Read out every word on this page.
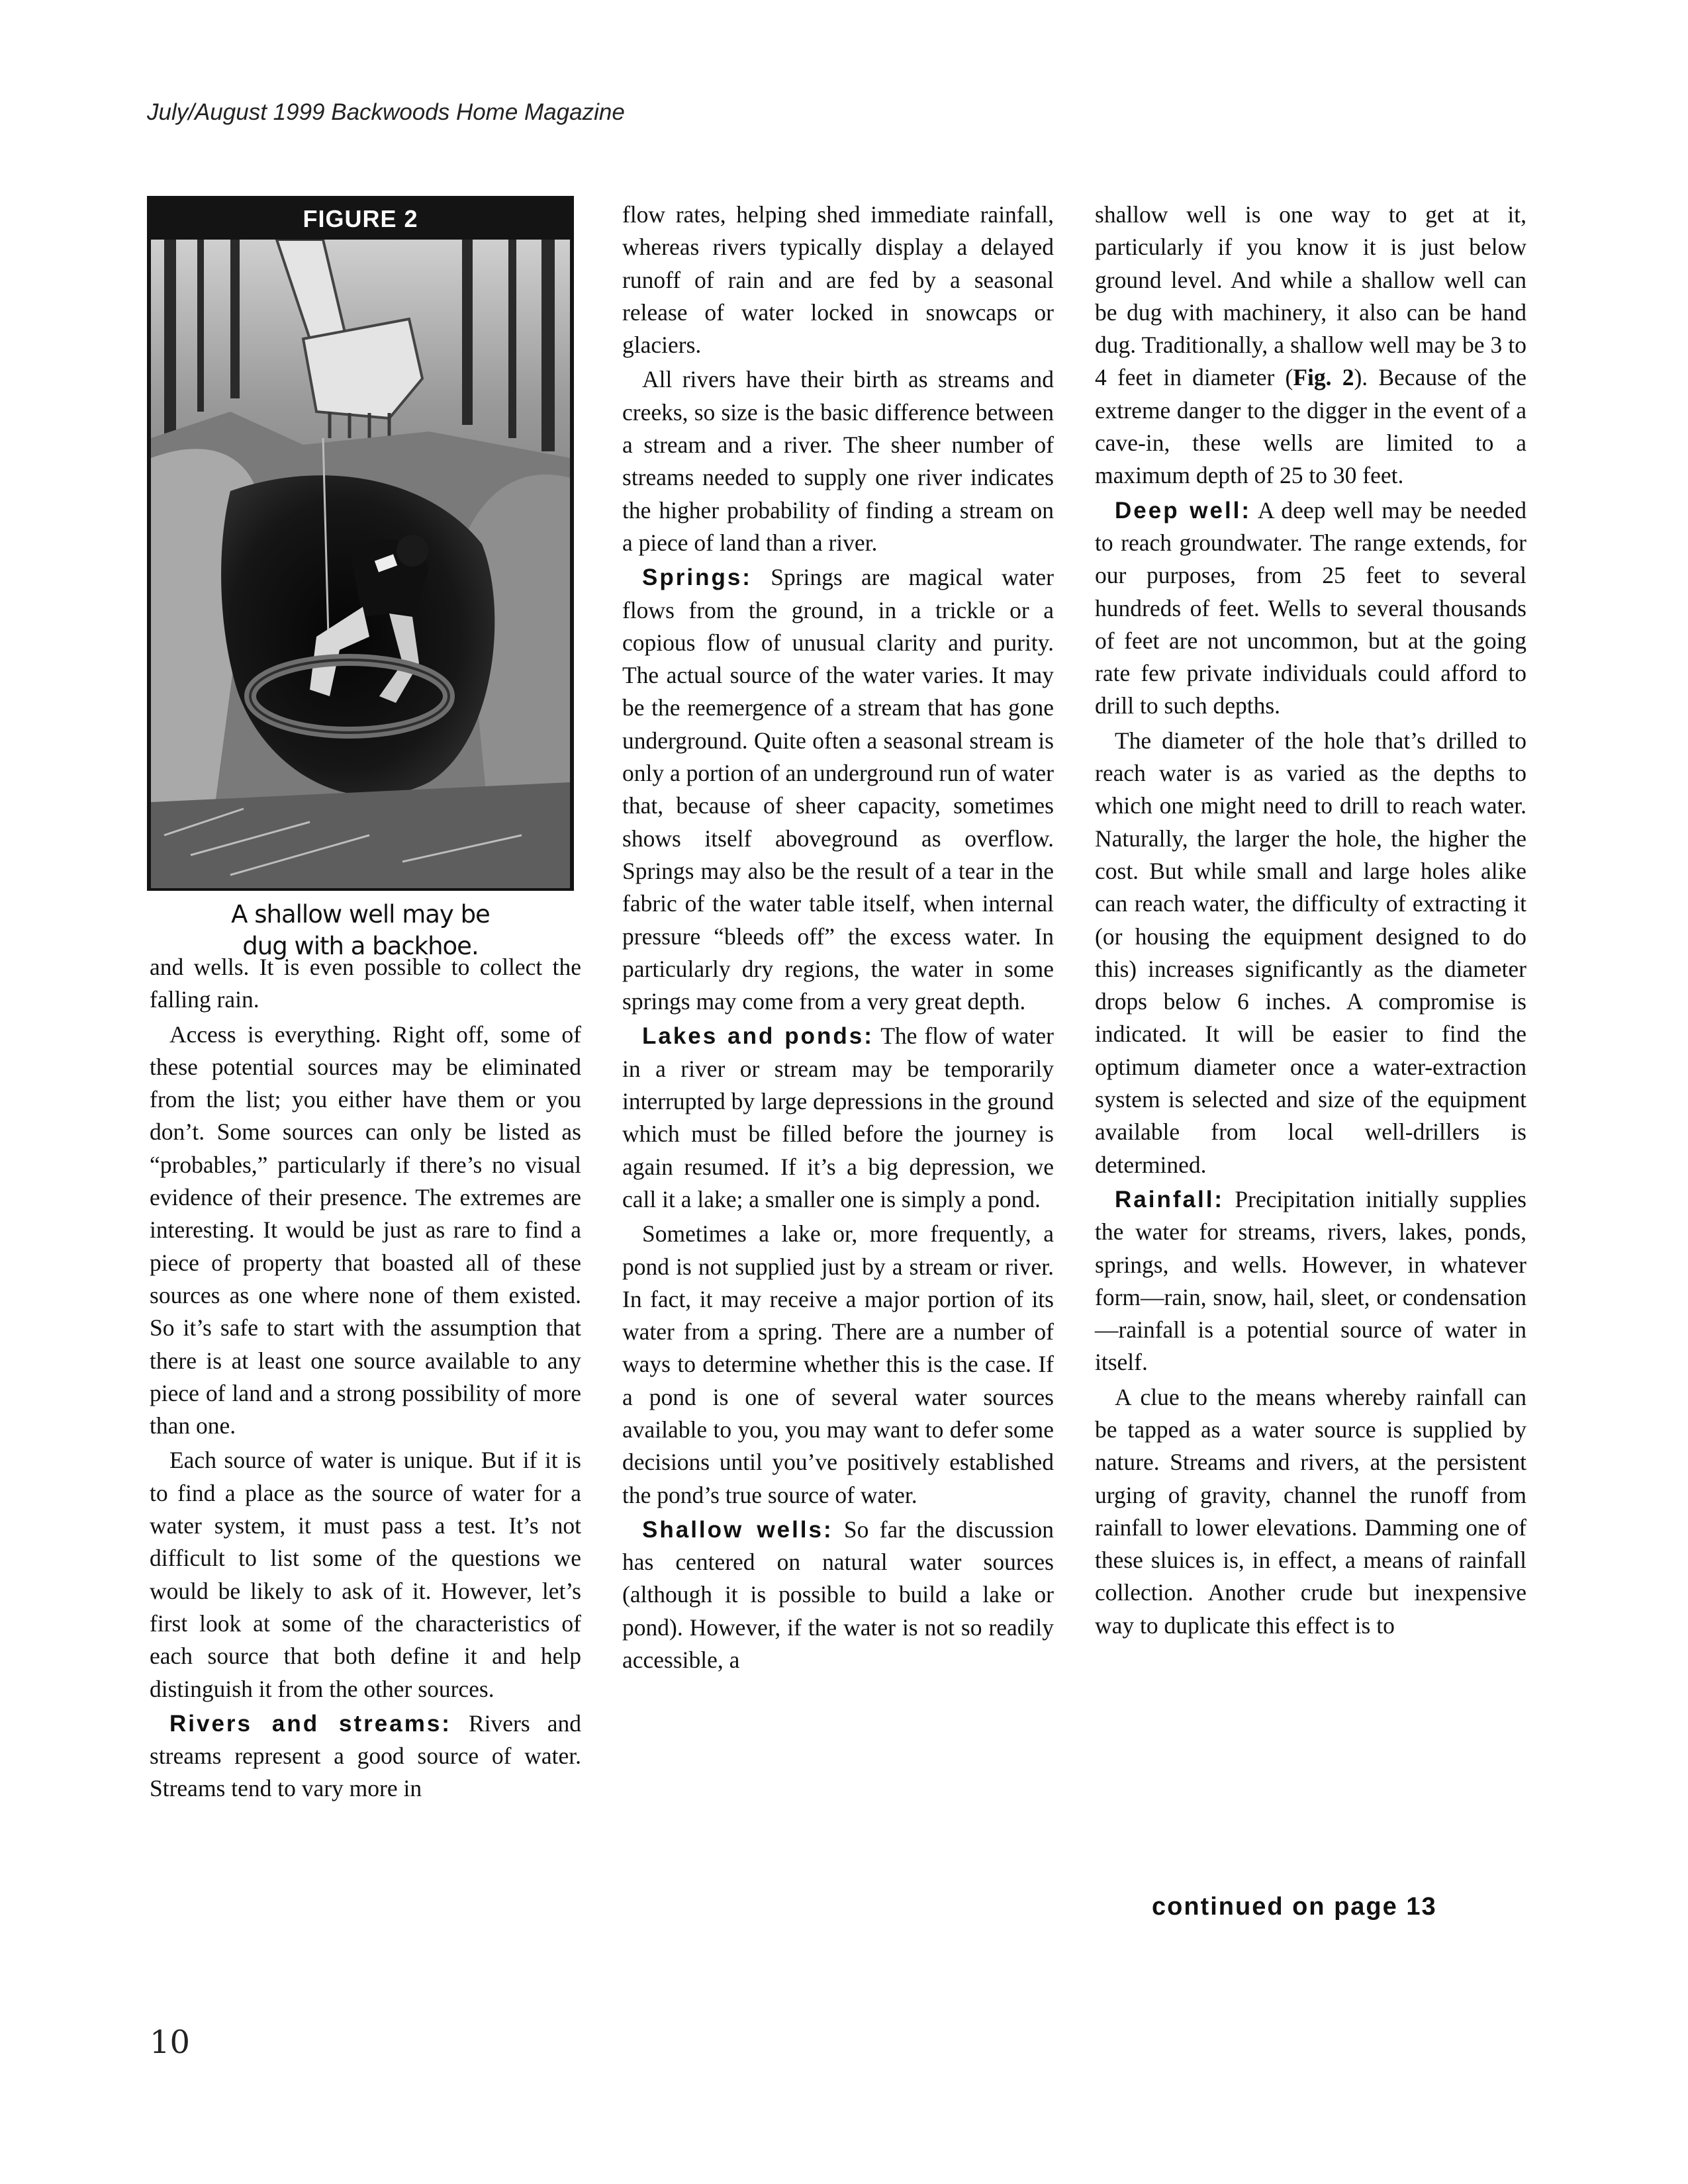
July/August 1999 Backwoods Home Magazine
FIGURE 2
A shallow well may be
dug with a backhoe.

and wells. It is even possible to collect the falling rain.

Access is everything. Right off, some of these potential sources may be eliminated from the list; you either have them or you don’t. Some sources can only be listed as “probables,” particularly if there’s no visual evidence of their presence. The extremes are interesting. It would be just as rare to find a piece of property that boasted all of these sources as one where none of them existed. So it’s safe to start with the assumption that there is at least one source available to any piece of land and a strong possibility of more than one.

Each source of water is unique. But if it is to find a place as the source of water for a water system, it must pass a test. It’s not difficult to list some of the questions we would be likely to ask of it. However, let’s first look at some of the characteristics of each source that both define it and help distinguish it from the other sources.

Rivers and streams: Rivers and streams represent a good source of water. Streams tend to vary more in

flow rates, helping shed immediate rainfall, whereas rivers typically display a delayed runoff of rain and are fed by a seasonal release of water locked in snowcaps or glaciers.

All rivers have their birth as streams and creeks, so size is the basic difference between a stream and a river. The sheer number of streams needed to supply one river indicates the higher probability of finding a stream on a piece of land than a river.

Springs: Springs are magical water flows from the ground, in a trickle or a copious flow of unusual clarity and purity. The actual source of the water varies. It may be the reemergence of a stream that has gone underground. Quite often a seasonal stream is only a portion of an underground run of water that, because of sheer capacity, sometimes shows itself aboveground as overflow. Springs may also be the result of a tear in the fabric of the water table itself, when internal pressure “bleeds off” the excess water. In particularly dry regions, the water in some springs may come from a very great depth.

Lakes and ponds: The flow of water in a river or stream may be temporarily interrupted by large depressions in the ground which must be filled before the journey is again resumed. If it’s a big depression, we call it a lake; a smaller one is simply a pond.

Sometimes a lake or, more frequently, a pond is not supplied just by a stream or river. In fact, it may receive a major portion of its water from a spring. There are a number of ways to determine whether this is the case. If a pond is one of several water sources available to you, you may want to defer some decisions until you’ve positively established the pond’s true source of water.

Shallow wells: So far the discussion has centered on natural water sources (although it is possible to build a lake or pond). However, if the water is not so readily accessible, a

shallow well is one way to get at it, particularly if you know it is just below ground level. And while a shallow well can be dug with machinery, it also can be hand dug. Traditionally, a shallow well may be 3 to 4 feet in diameter (Fig. 2). Because of the extreme danger to the digger in the event of a cave-in, these wells are limited to a maximum depth of 25 to 30 feet.

Deep well: A deep well may be needed to reach groundwater. The range extends, for our purposes, from 25 feet to several hundreds of feet. Wells to several thousands of feet are not uncommon, but at the going rate few private individuals could afford to drill to such depths.

The diameter of the hole that’s drilled to reach water is as varied as the depths to which one might need to drill to reach water. Naturally, the larger the hole, the higher the cost. But while small and large holes alike can reach water, the difficulty of extracting it (or housing the equipment designed to do this) increases significantly as the diameter drops below 6 inches. A compromise is indicated. It will be easier to find the optimum diameter once a water-extraction system is selected and size of the equipment available from local well-drillers is determined.

Rainfall: Precipitation initially supplies the water for streams, rivers, lakes, ponds, springs, and wells. However, in whatever form—rain, snow, hail, sleet, or condensation—rainfall is a potential source of water in itself.

A clue to the means whereby rainfall can be tapped as a water source is supplied by nature. Streams and rivers, at the persistent urging of gravity, channel the runoff from rainfall to lower elevations. Damming one of these sluices is, in effect, a means of rainfall collection. Another crude but inexpensive way to duplicate this effect is to

continued on page 13
10
